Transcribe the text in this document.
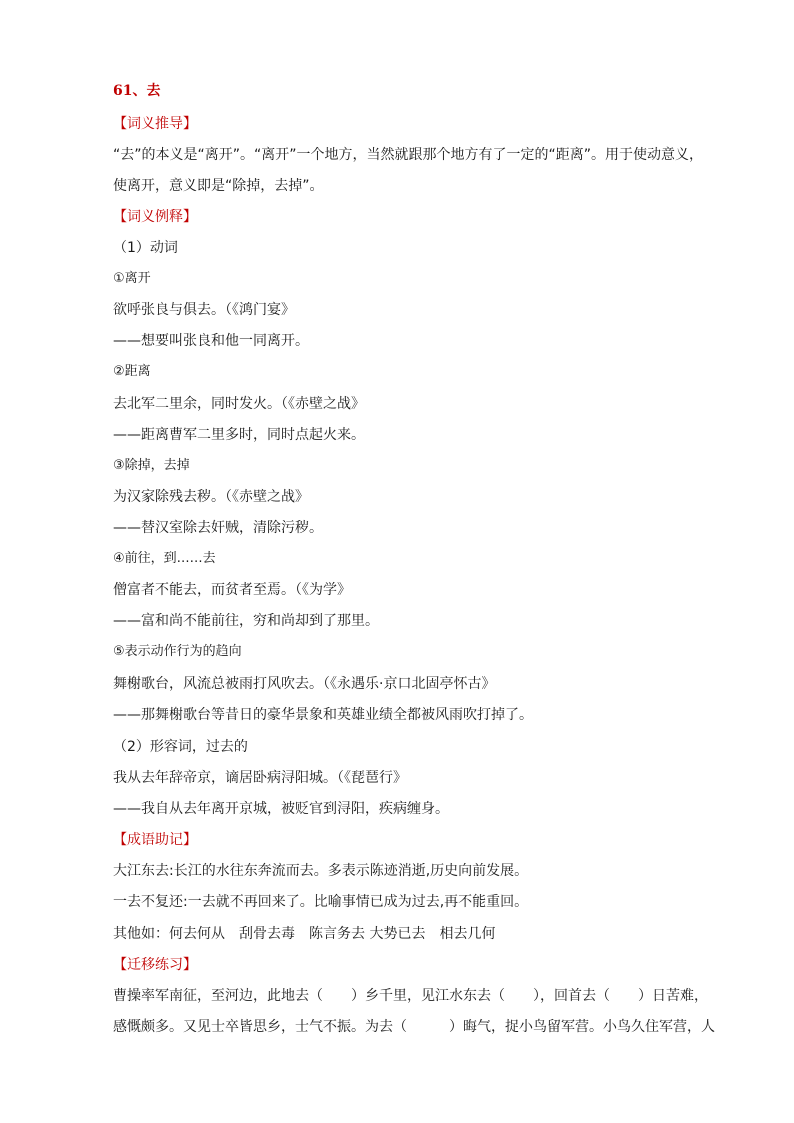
61、去
【词义推导】
“去”的本义是“离开”。“离开”一个地方，当然就跟那个地方有了一定的“距离”。用于使动意义，
使离开，意义即是“除掉，去掉”。
【词义例释】
（1）动词
①离开
欲呼张良与俱去。（《鸿门宴》
——想要叫张良和他一同离开。
②距离
去北军二里余，同时发火。（《赤壁之战》
——距离曹军二里多时，同时点起火来。
③除掉，去掉
为汉家除残去秽。（《赤壁之战》
——替汉室除去奸贼，清除污秽。
④前往，到……去
僧富者不能去，而贫者至焉。（《为学》
——富和尚不能前往，穷和尚却到了那里。
⑤表示动作行为的趋向
舞榭歌台，风流总被雨打风吹去。（《永遇乐·京口北固亭怀古》
——那舞榭歌台等昔日的豪华景象和英雄业绩全都被风雨吹打掉了。
（2）形容词，过去的
我从去年辞帝京，谪居卧病浔阳城。（《琵琶行》
——我自从去年离开京城，被贬官到浔阳，疾病缠身。
【成语助记】
大江东去:长江的水往东奔流而去。多表示陈迹消逝,历史向前发展。
一去不复还:一去就不再回来了。比喻事情已成为过去,再不能重回。
其他如：何去何从　刮骨去毒　陈言务去 大势已去　相去几何
【迁移练习】
曹操率军南征，至河边，此地去（　　）乡千里，见江水东去（　　），回首去（　　）日苦难，
感慨颇多。又见士卒皆思乡，士气不振。为去（　　　）晦气，捉小鸟留军营。小鸟久住军营，人
